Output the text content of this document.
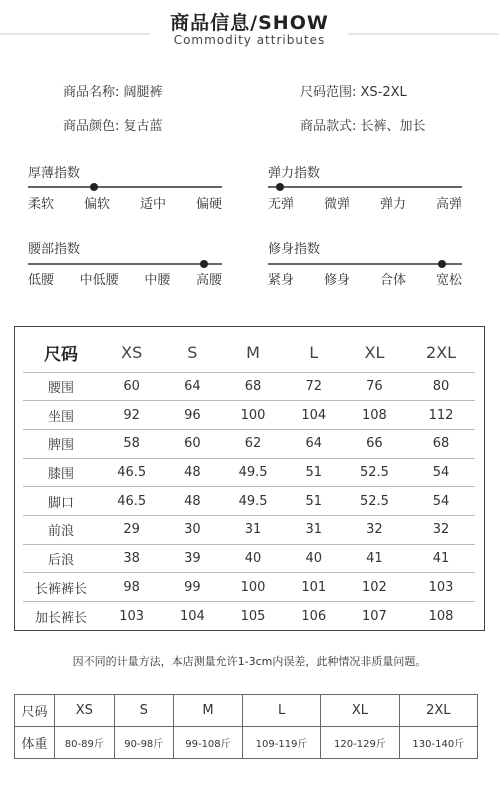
商品信息/SHOW
Commodity attributes
商品名称: 阔腿裤	尺码范围: XS-2XL
商品颜色: 复古蓝	商品款式: 长裤、加长
厚薄指数
柔软 偏软 适中 偏硬
弹力指数
无弹 微弹 弹力 高弹
腰部指数
低腰 中低腰 中腰 高腰
修身指数
紧身 修身 合体 宽松
尺码	XS	S	M	L	XL	2XL
腰围	60	64	68	72	76	80
坐围	92	96	100	104	108	112
脾围	58	60	62	64	66	68
膝围	46.5	48	49.5	51	52.5	54
脚口	46.5	48	49.5	51	52.5	54
前浪	29	30	31	31	32	32
后浪	38	39	40	40	41	41
长裤裤长	98	99	100	101	102	103
加长裤长	103	104	105	106	107	108
因不同的计量方法，本店测量允许1-3cm内误差，此种情况非质量问题。
尺码	XS	S	M	L	XL	2XL
体重	80-89斤	90-98斤	99-108斤	109-119斤	120-129斤	130-140斤
